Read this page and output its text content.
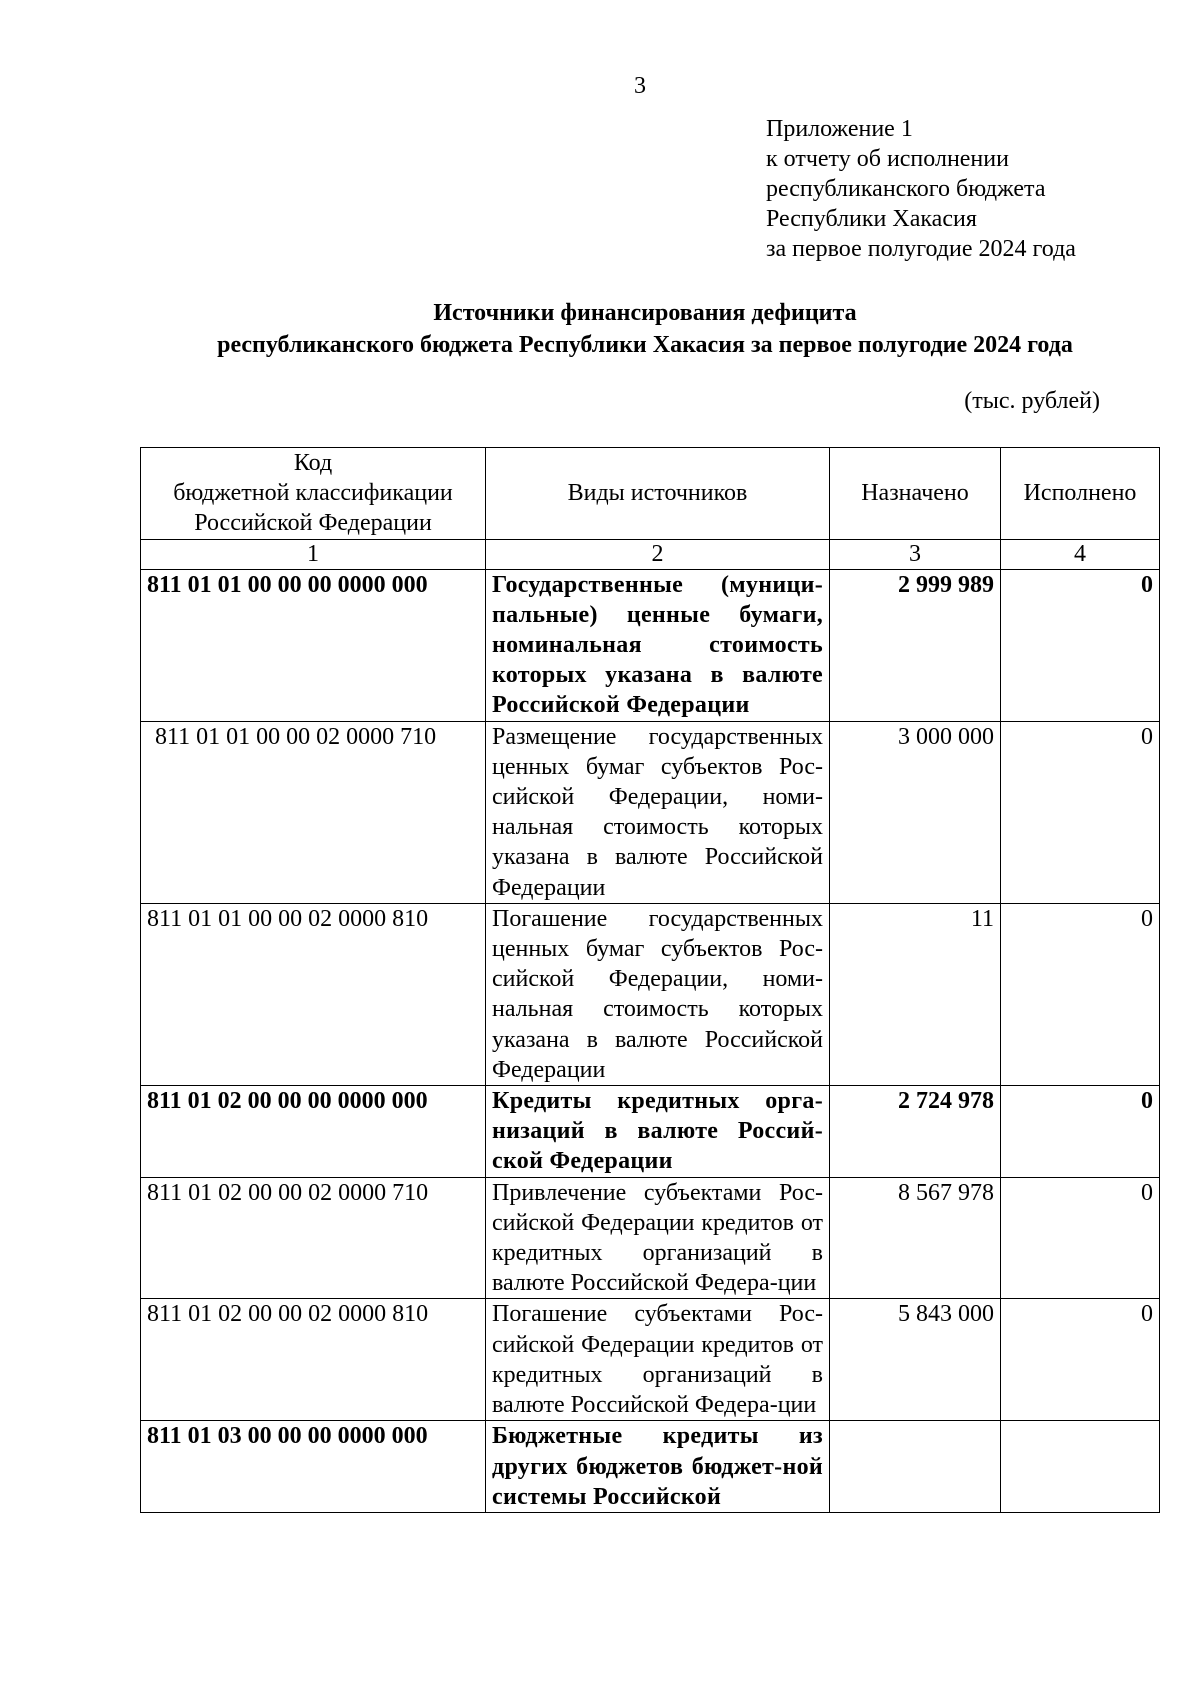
3
Приложение 1
к отчету об исполнении
республиканского бюджета
Республики Хакасия
за первое полугодие 2024 года
Источники финансирования дефицита
республиканского бюджета Республики Хакасия за первое полугодие 2024 года
(тыс. рублей)
Код
бюджетной классификации
Российской Федерации	Виды источников	Назначено	Исполнено
1	2	3	4
811 01 01 00 00 00 0000 000	Государственные (муници-пальные) ценные бумаги, номинальная стоимость которых указана в валюте Российской Федерации	2 999 989	0
811 01 01 00 00 02 0000 710	Размещение государственных ценных бумаг субъектов Рос-сийской Федерации, номи-нальная стоимость которых указана в валюте Российской Федерации	3 000 000	0
811 01 01 00 00 02 0000 810	Погашение государственных ценных бумаг субъектов Рос-сийской Федерации, номи-нальная стоимость которых указана в валюте Российской Федерации	11	0
811 01 02 00 00 00 0000 000	Кредиты кредитных орга-низаций в валюте Россий-ской Федерации	2 724 978	0
811 01 02 00 00 02 0000 710	Привлечение субъектами Рос-сийской Федерации кредитов от кредитных организаций в валюте Российской Федера-ции	8 567 978	0
811 01 02 00 00 02 0000 810	Погашение субъектами Рос-сийской Федерации кредитов от кредитных организаций в валюте Российской Федера-ции	5 843 000	0
811 01 03 00 00 00 0000 000	Бюджетные кредиты из других бюджетов бюджет-ной системы Российской		
